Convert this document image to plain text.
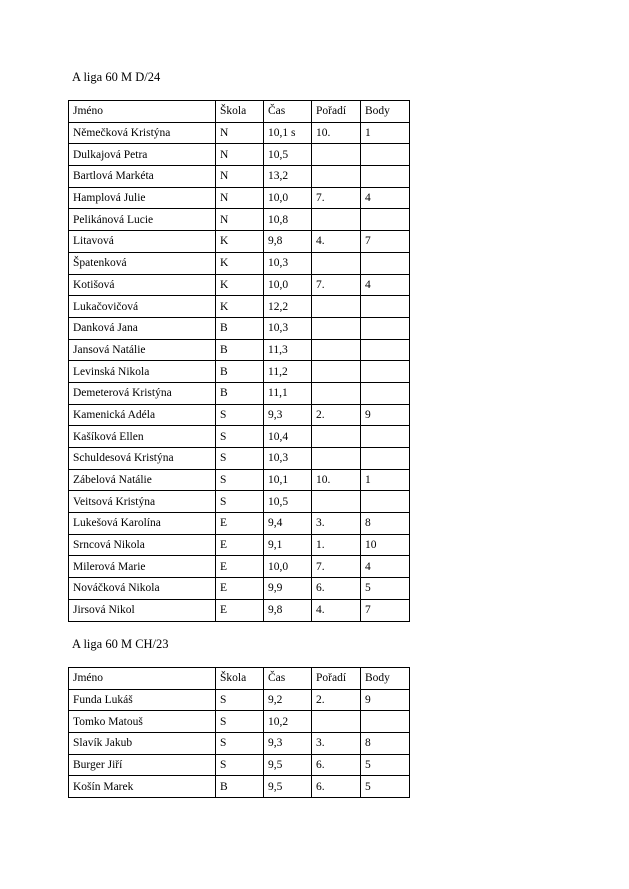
A liga 60 M D/24
Jméno	Škola	Čas	Pořadí	Body
Němečková Kristýna	N	10,1 s	10.	1
Dulkajová Petra	N	10,5		
Bartlová Markéta	N	13,2		
Hamplová Julie	N	10,0	7.	4
Pelikánová Lucie	N	10,8		
Litavová	K	9,8	4.	7
Špatenková	K	10,3		
Kotišová	K	10,0	7.	4
Lukačovičová	K	12,2		
Danková Jana	B	10,3		
Jansová Natálie	B	11,3		
Levinská Nikola	B	11,2		
Demeterová Kristýna	B	11,1		
Kamenická Adéla	S	9,3	2.	9
Kašíková Ellen	S	10,4		
Schuldesová Kristýna	S	10,3		
Zábelová Natálie	S	10,1	10.	1
Veitsová Kristýna	S	10,5		
Lukešová Karolína	E	9,4	3.	8
Srncová Nikola	E	9,1	1.	10
Milerová Marie	E	10,0	7.	4
Nováčková Nikola	E	9,9	6.	5
Jirsová Nikol	E	9,8	4.	7
A liga 60 M CH/23
Jméno	Škola	Čas	Pořadí	Body
Funda Lukáš	S	9,2	2.	9
Tomko Matouš	S	10,2		
Slavík Jakub	S	9,3	3.	8
Burger Jiří	S	9,5	6.	5
Košín Marek	B	9,5	6.	5
